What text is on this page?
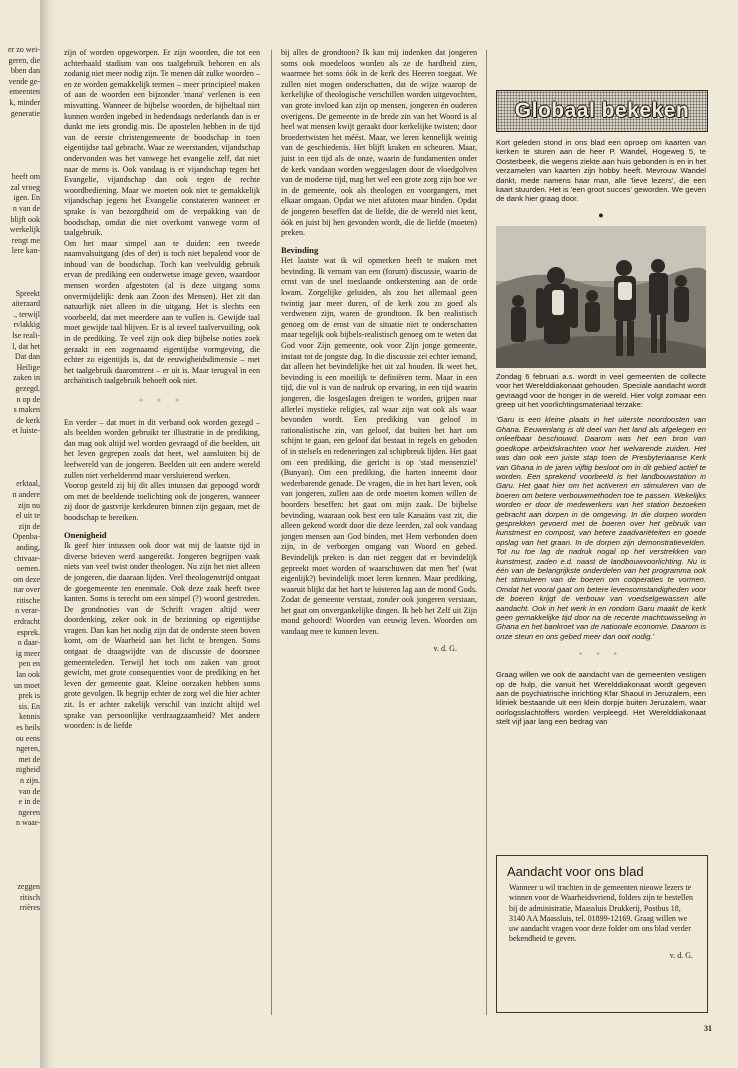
er zo wei-
geren, die
bben dan
vende ge-
emeenten
k, minder
generatie

heeft om
zal vroeg
igen. En
n van de
blijft ook
werkelijk
rengt me
lere kan-

Spreekt
aiteraard
., terwijl
rvlakkig
lse reali-
l, dat het
Dat dan
Heilige
zaken in
gezegd.
n op de
s maken
de kerk
et luiste-

erktaal,
n andere
zijn nu
el uit te
zijn de
Openba-
anding,
chtvaar-
oemen.
om deze
nar over
ritische
n verar-
erdracht
esprek.
n daar-
ig meer
pen en
lan ook
un moet
prek is
sis. En
kennis
es heils
ou eens
ngeren,
met de
nigheid
n zijn.
van de
e in de
ngeren
n waar-

zeggen
ritisch
rrières

zijn of worden opgeworpen. Er zijn woorden, die tot een achterhaald stadium van ons taalgebruik behoren en als zodanig niet meer nodig zijn. Te menen dát zulke woorden – en ze worden gemakkelijk termen – meer principieel maken of aan de woorden een bijzonder 'mana' verlenen is een misvatting. Wanneer de bijbelse woorden, de bijbeltaal niet kunnen worden ingebed in hedendaags nederlands dan is er dunkt me iets grondig mis. De apostelen hebben in de tijd van de eerste christengemeente de boodschap in toen eigentijdse taal gebracht. Waar ze weerstanden, vijandschap ondervonden was het vanwege het evangelie zelf, dat niet naar de mens is. Ook vandaag is er vijandschap tegen het Evangelie, vijandschap dan ook tegen de rechte woordbediening. Maar we moeten ook niet te gemakkelijk vijandschap jegens het Evangelie constateren wanneer er sprake is van bezorgdheid om de verpakking van de boodschap, omdat die niet overkomt vanwege vorm of taalgebruik.

Om het maar simpel aan te duiden: een tweede naamvalsuitgang (des of der) is toch niet bepalend voor de inhoud van de boodschap. Toch kan veelvuldig gebruik ervan de prediking een ouderwetse image geven, waardoor mensen worden afgestoten (al is deze uitgang soms onvermijdelijk: denk aan Zoon des Mensen). Het zit dan natuurlijk niet alleen in die uitgang. Het is slechts een voorbeeld, dat met meerdere aan te vullen is. Gewijde taal moet gewijde taal blijven. Er is al teveel taalvervuiling, ook in de prediking. Te veel zijn ook diep bijbelse noties zoek geraakt in een zogenaamd eigentijdse vormgeving, die echter zo eigentijds is, dat de eeuwigheidsdimensie – met het taalgebruik daaromtrent – er uit is. Maar terugval in een archaïstisch taalgebruik behoeft ook niet.

* * *

En verder – dat moet in dit verband ook worden gezegd – als beelden worden gebruikt ter illustratie in de prediking, dan mag ook altijd wel worden gevraagd of die beelden, uit het leven gegrepen zoals dat heet, wel aansluiten bij de leefwereld van de jongeren. Beelden uit een andere wereld zullen niet verhelderend maar versluierend werken.

Voorop gesteld zij bij dit alles intussen dat gepoogd wordt om met de beeldende toelichting ook de jongeren, wanneer zij door de gastvrije kerkdeuren binnen zijn gegaan, met de boodschap te bereiken.

Onenigheid

Ik geef hier intussen ook door wat mij de laatste tijd in diverse brieven werd aangereikt. Jongeren begrijpen vaak niets van veel twist onder theologen. Nu zijn het niet alleen de jongeren, die daaraan lijden. Veel theologenstrijd ontgaat de goegemeente ten enenmale. Ook deze zaak heeft twee kanten. Soms is terecht om een simpel (?) woord gestreden. De grondnoties van de Schrift vragen altijd weer doordenking, zeker ook in de bezinning op eigentijdse vragen. Dan kan het nodig zijn dat de onderste steen boven komt, om de Waarheid aan het licht te brengen. Soms ontgaat de draagwijdte van de discussie de doorsnee gemeenteleden. Terwijl het toch om zaken van groot gewicht, met grote consequenties voor de prediking en het leven der gemeente gaat. Kleine oorzaken hebben soms grote gevolgen. Ik begrijp echter de zorg wel die hier achter zit. Is er achter zakelijk verschil van inzicht altijd wel sprake van persoonlijke verdraagzaamheid? Met andere woorden: is de liefde

bij alles de grondtoon? Ik kan mij indenken dat jongeren soms ook moedeloos worden als ze de hardheid zien, waarmee het soms óók in de kerk des Heeren toegaat. We zullen niet mogen onderschatten, dat de wijze waarop de kerkelijke of theologische verschillen worden uitgevochten, van grote invloed kan zijn op mensen, jongeren én ouderen overigens. De gemeente in de brede zin van het Woord is al heel wat mensen kwijt geraakt door kerkelijke twisten; door broedertwisten het méést. Maar, we leren kennelijk weinig van de geschiedenis. Het blijft kraken en scheuren. Maar, juist in een tijd als de onze, waarin de fundamenten onder de kerk vandaan worden weggeslagen door de vloedgolven van de moderne tijd, mag het wel een grote zorg zijn hoe we in de gemeente, ook als theologen en voorgangers, met elkaar omgaan. Opdat we niet afstoten maar binden. Opdat de jongeren beseffen dat de liefde, die de wereld niet kent, óók en juist bij hen gevonden wordt, die de liefde (moeten) preken.

Bevinding

Het laatste wat ik wil opmerken heeft te maken met bevinding. Ik vernam van een (forum) discussie, waarin de ernst van de snel toeslaande ontkerstening aan de orde kwam. Zorgelijke geluiden, als zou het allemaal geen twintig jaar meer duren, of de kerk zou zo goed als verdwenen zijn, waren de grondtoon. Ik ben realistisch genoeg om de ernst van de situatie niet te onderschatten maar tegelijk ook bijbels-realistisch genoeg om te weten dat God voor Zijn gemeente, ook voor Zijn jonge gemeente, instaat tot de jongste dag. In die discussie zei echter iemand, dat alleen het bevindelijke het uit zal houden. Ik weet het, bevinding is een moeilijk te definiëren term. Maar in een tijd, die vol is van de nadruk op ervaring, in een tijd waarin jongeren, die losgeslagen dreigen te worden, grijpen naar allerlei mystieke religies, zal waar zijn wat ook als waar bevonden wordt. Een prediking van geloof in rationalistische zin, van geloof, dat buiten het hart om schijnt te gaan, een geloof dat bestaat in regels en geboden of in stelsels en redeneringen zal schipbreuk lijden. Het gaat om een prediking, die gericht is op 'stad mensenziel' (Bunyan). Om een prediking, die harten inneemt door wederbarende genade. De vragen, die in het hart leven, ook van jongeren, zullen aan de orde moeten komen willen de hoorders beseffen: het gaat om mijn zaak. De bijbelse bevinding, waaraan ook best een tale Kanaäns vast zit, die alleen gekend wordt door die deze leerden, zal ook vandaag jongen mensen aan God binden, met Hem verbonden doen zijn, in de verborgen omgang van Woord en gebed. Bevindelijk preken is dan niet zeggen dat er bevindelijk gepreekt moet worden of waarschuwen dat men 'het' (wat eigenlijk?) bevindelijk moet leren kennen. Maar prediking, waaruit blijkt dat het hart te luisteren lag aan de mond Gods. Zodat de gemeente verstaat, zonder ook jongeren verstaan, het gaat om onvergankelijke dingen. Ik heb het Zelf uit Zijn mond gehoord! Woorden van eeuwig leven. Woorden om vandaag mee te kunnen leven.

v. d. G.
Globaal bekeken
Kort geleden stond in ons blad een oproep om kaarten van kerken te sturen aan de heer P. Wandel, Hogeweg 5, te Oosterbeek, die wegens ziekte aan huis gebonden is en in het verzamelen van kaarten zijn hobby heeft. Mevrouw Wandel dankt, mede namens haar man, alle 'lieve lezers', die een kaart stuurden. Het is 'een groot succes' geworden. We geven de dank hier graag door.
●
Zondag 6 februari a.s. wordt in veel gemeenten de collecte voor het Werelddiakonaat gehouden. Speciale aandacht wordt gevraagd voor de honger in de wereld. Hier volgt zomaar een greep uit het voorlichtingsmateriaal terzake:
'Garu is een kleine plaats in het uiterste noordoosten van Ghana. Eeuwenlang is dit deel van het land als afgelegen en onleefbaar beschouwd. Daarom was het een bron van goedkope arbeidskrachten voor het welvarende zuiden. Het was dan ook een juiste stap toen de Presbyteriaanse Kerk van Ghana in de jaren vijftig besloot om in dit gebied actief te worden. Een sprekend voorbeeld is het landbouwstation in Garu. Het gaat hier om het activeren en stimuleren van de boeren om betere verbouwmethoden toe te passen. Wekelijks worden er door de medewerkers van het station bezoeken gebracht aan dorpen in de omgeving. In die dorpen worden gesprekken gevoerd met de boeren over het gebruik van kunstmest en compost, van betere zaadvariëteiten en goede opslag van het graan. In de dorpen zijn demonstratievelden. Tot nu toe lag de nadruk nogal op het verstrekken van kunstmest, zaden e.d. naast de landbouwvoorlichting. Nu is één van de belangrijkste onderdelen van het programma ook het stimuleren van de boeren om coöperaties te vormen. Omdat het vooral gaat om betere levensomstandigheden voor de boeren krijgt de verbouw van voedselgewassen alle aandacht. Ook in het werk in en rondom Garu maakt de kerk geen gemakkelijke tijd door na de recente machtswisseling in Ghana en het bankroet van de nationale economie. Daarom is onze steun en ons gebed meer dan ooit nodig.'
* * *
Graag willen we ook de aandacht van de gemeenten vestigen op de hulp, die vanuit het Werelddiakonaat wordt gegeven aan de psychiatrische inrichting Kfar Shaoul in Jeruzalem, een kliniek bestaande uit een klein dorpje buiten Jeruzalem, waar oorlogsslachtoffers worden verpleegd. Het Werelddiakonaat stelt vijf jaar lang een bedrag van
Aandacht voor ons blad
Wanneer u wil trachten in de gemeenten nieuwe lezers te winnen voor de Waarheidsvriend, folders zijn te bestellen bij de administratie, Maassluis Drukkerij, Postbus 18, 3140 AA Maassluis, tel. 01899-12169. Graag willen we uw aandacht vragen voor deze folder om ons blad verder bekendheid te geven.
v. d. G.
31
